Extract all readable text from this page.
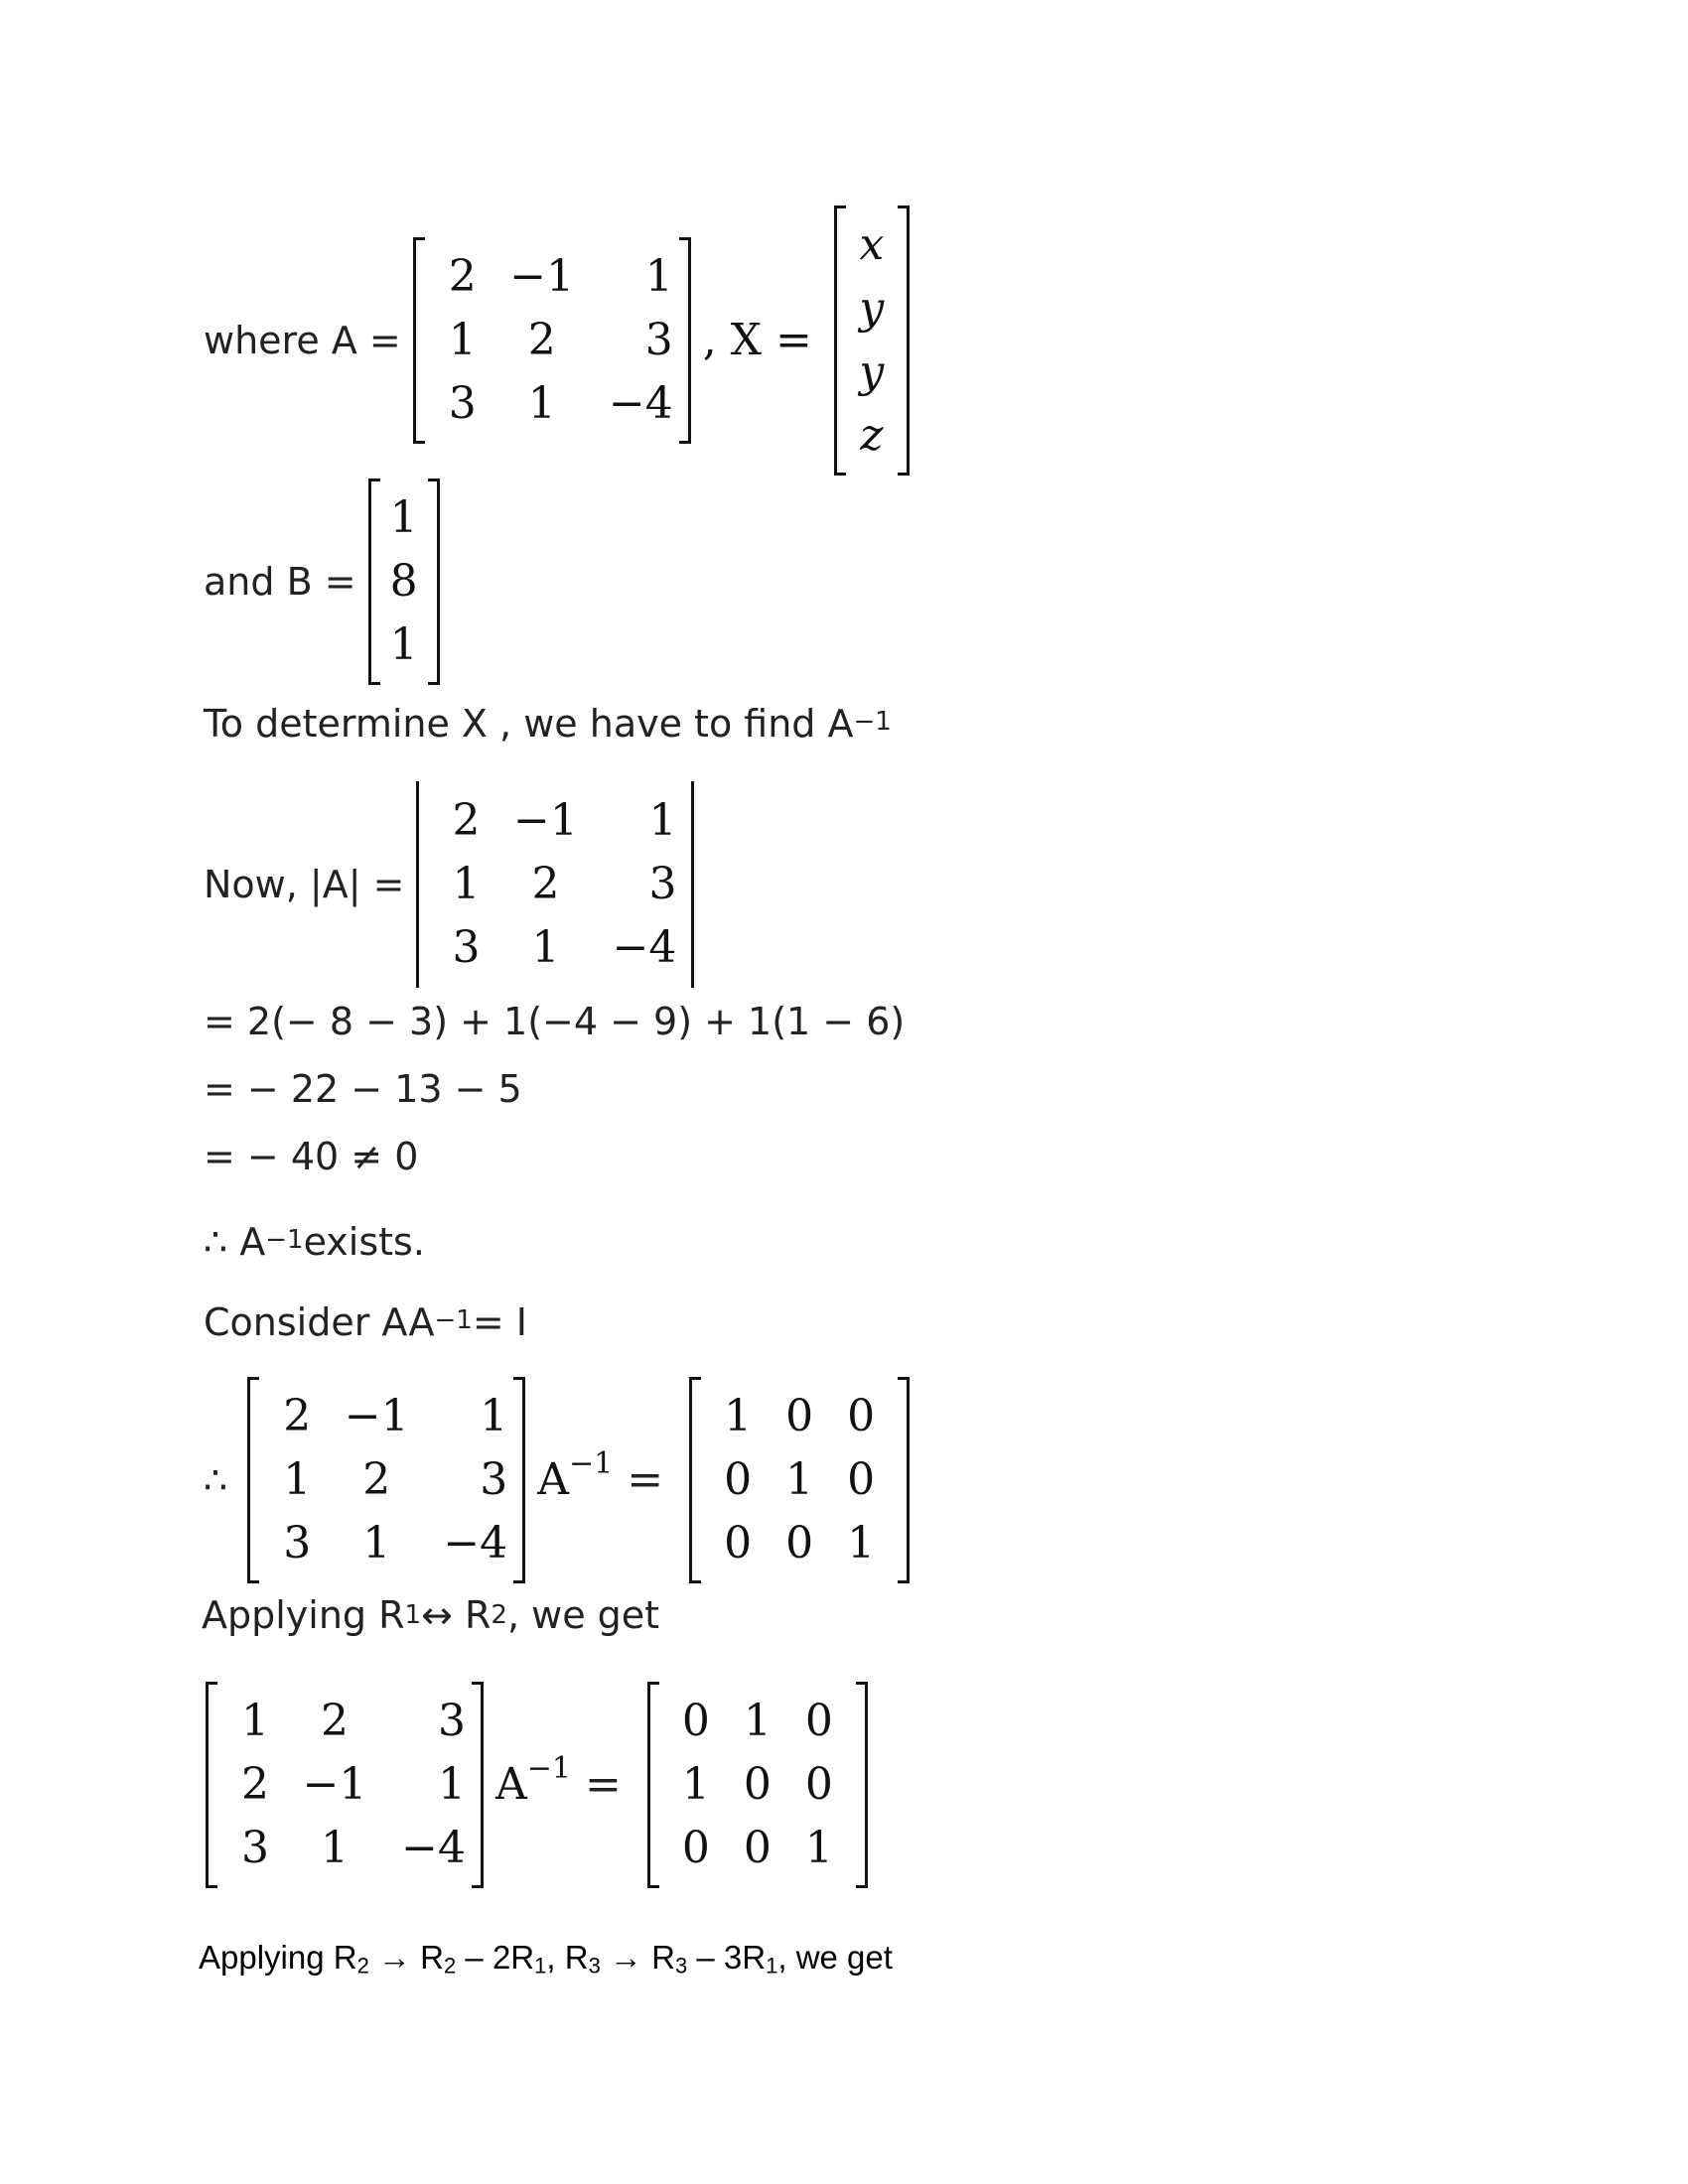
where A =
2 −1	1
1	2	3
3	1	−4
, X =
x
y
y
z
and B =
1
8
1
To determine X , we have to find A −1
Now, |A| =
2 −1	1
1	2	3
3	1	−4
= 2(− 8 − 3) + 1(−4 − 9) + 1(1 − 6)
= − 22 − 13 − 5
= − 40 ≠ 0
∴ A −1 exists.
Consider AA −1 = I
∴
2 −1	1
1	2	3
3	1	−4
A −1 =
1 0 0
0 1 0
0 0 1
Applying R 1 ↔ R 2 , we get
1	2	3
2 −1	1
3	1	−4
A −1 =
0 1 0
1 0 0
0 0 1
Applying R2 → R2 – 2R1, R3 → R3 – 3R1, we get
